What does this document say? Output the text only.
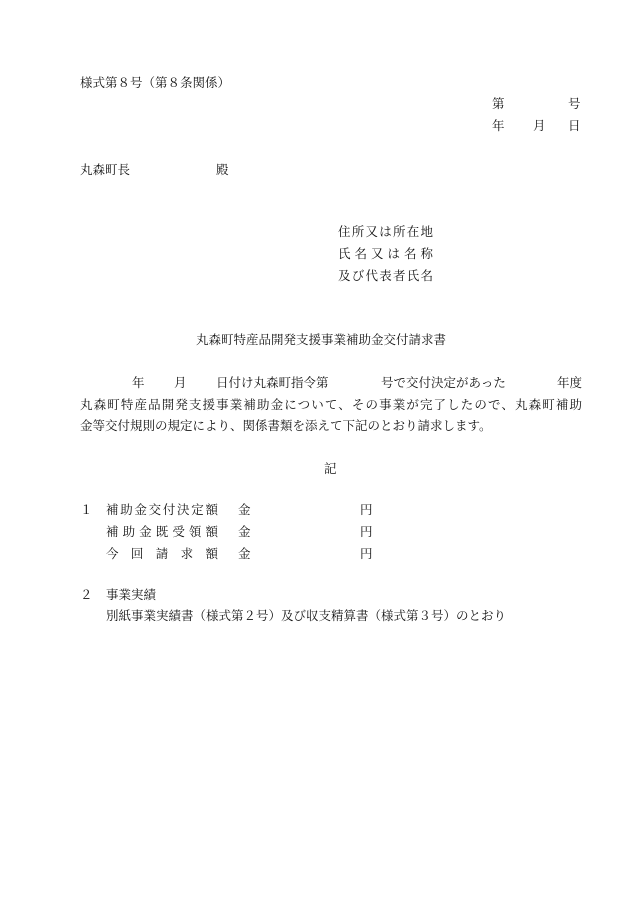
様式第８号（第８条関係）
第	号
年 月 日
丸森町長	殿
住所又は所在地
氏名又は名称
及び代表者氏名
丸森町特産品開発支援事業補助金交付請求書
年 月 日付け丸森町指令第	号で交付決定があった	年度
丸森町特産品開発支援事業補助金について、その事業が完了したので、丸森町補助
金等交付規則の規定により、関係書類を添えて下記のとおり請求します。
記
１ 補助金交付決定額 金	円
補助金既受領額 金	円
今回請求額 金	円
２ 事業実績
別紙事業実績書（様式第２号）及び収支精算書（様式第３号）のとおり
